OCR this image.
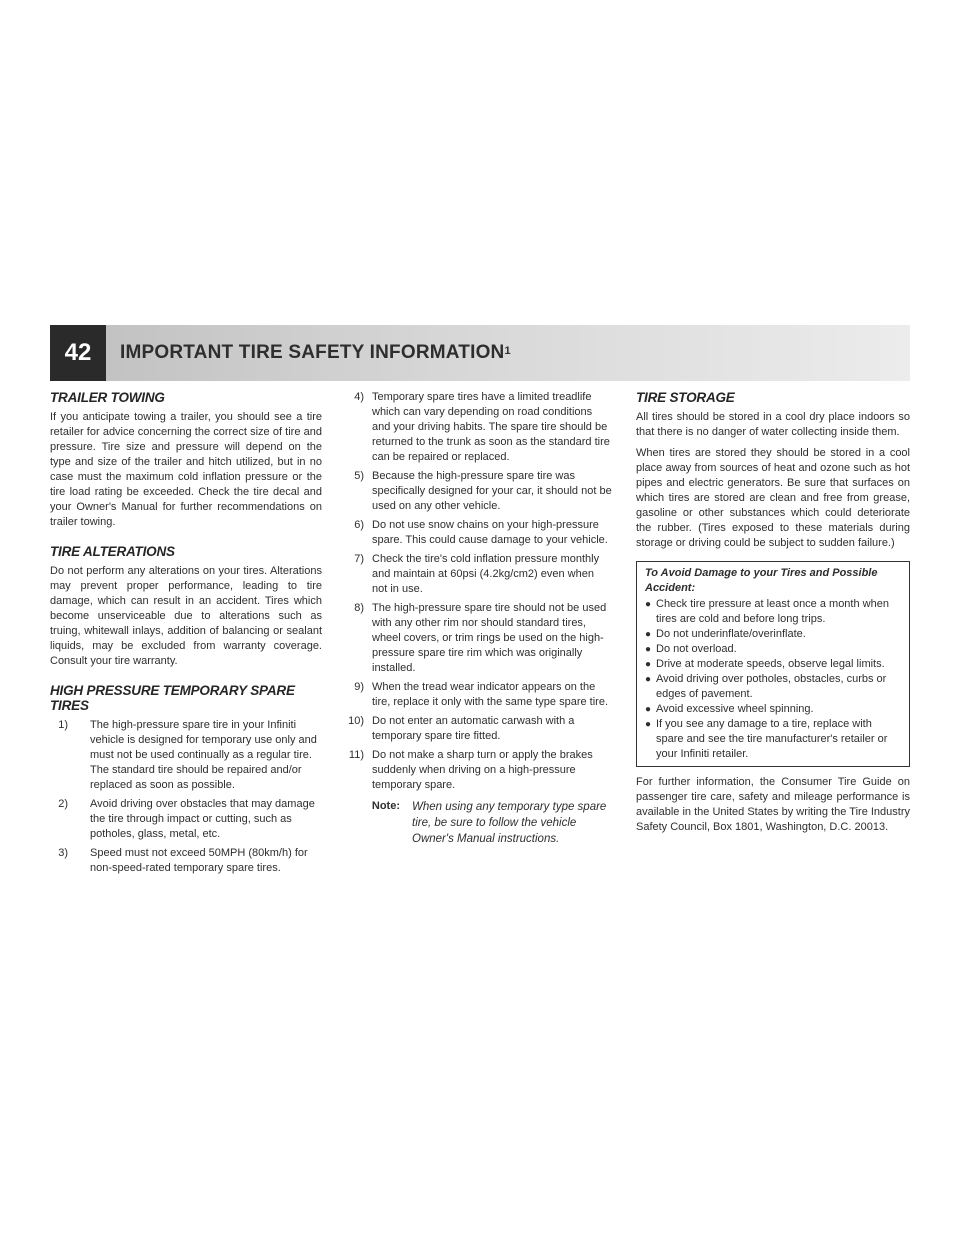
42	IMPORTANT TIRE SAFETY INFORMATION$^1$
TRAILER TOWING

If you anticipate towing a trailer, you should see a tire retailer for advice concerning the correct size of tire and pressure. Tire size and pressure will depend on the type and size of the trailer and hitch utilized, but in no case must the maximum cold inflation pressure or the tire load rating be exceeded. Check the tire decal and your Owner's Manual for further recommendations on trailer towing.

TIRE ALTERATIONS

Do not perform any alterations on your tires. Alterations may prevent proper performance, leading to tire damage, which can result in an accident. Tires which become unserviceable due to alterations such as truing, whitewall inlays, addition of balancing or sealant liquids, may be excluded from warranty coverage. Consult your tire warranty.

HIGH PRESSURE TEMPORARY SPARE TIRES
1) The high-pressure spare tire in your Infiniti vehicle is designed for temporary use only and must not be used continually as a regular tire. The standard tire should be repaired and/or replaced as soon as possible.
2) Avoid driving over obstacles that may damage the tire through impact or cutting, such as potholes, glass, metal, etc.
3) Speed must not exceed 50MPH (80km/h) for non-speed-rated temporary spare tires.
4) Temporary spare tires have a limited treadlife which can vary depending on road conditions and your driving habits. The spare tire should be returned to the trunk as soon as the standard tire can be repaired or replaced.
5) Because the high-pressure spare tire was specifically designed for your car, it should not be used on any other vehicle.
6) Do not use snow chains on your high-pressure spare. This could cause damage to your vehicle.
7) Check the tire's cold inflation pressure monthly and maintain at 60psi (4.2kg/cm2) even when not in use.
8) The high-pressure spare tire should not be used with any other rim nor should standard tires, wheel covers, or trim rings be used on the high-pressure spare tire rim which was originally installed.
9) When the tread wear indicator appears on the tire, replace it only with the same type spare tire.
10) Do not enter an automatic carwash with a temporary spare tire fitted.
11) Do not make a sharp turn or apply the brakes suddenly when driving on a high-pressure temporary spare.
Note:	When using any temporary type spare tire, be sure to follow the vehicle Owner's Manual instructions.
TIRE STORAGE

All tires should be stored in a cool dry place indoors so that there is no danger of water collecting inside them.

When tires are stored they should be stored in a cool place away from sources of heat and ozone such as hot pipes and electric generators. Be sure that surfaces on which tires are stored are clean and free from grease, gasoline or other substances which could deteriorate the rubber. (Tires exposed to these materials during storage or driving could be subject to sudden failure.)

To Avoid Damage to your Tires and Possible Accident:
● Check tire pressure at least once a month when tires are cold and before long trips.
● Do not underinflate/overinflate.
● Do not overload.
● Drive at moderate speeds, observe legal limits.
● Avoid driving over potholes, obstacles, curbs or edges of pavement.
● Avoid excessive wheel spinning.
● If you see any damage to a tire, replace with spare and see the tire manufacturer's retailer or your Infiniti retailer.

For further information, the Consumer Tire Guide on passenger tire care, safety and mileage performance is available in the United States by writing the Tire Industry Safety Council, Box 1801, Washington, D.C. 20013.
